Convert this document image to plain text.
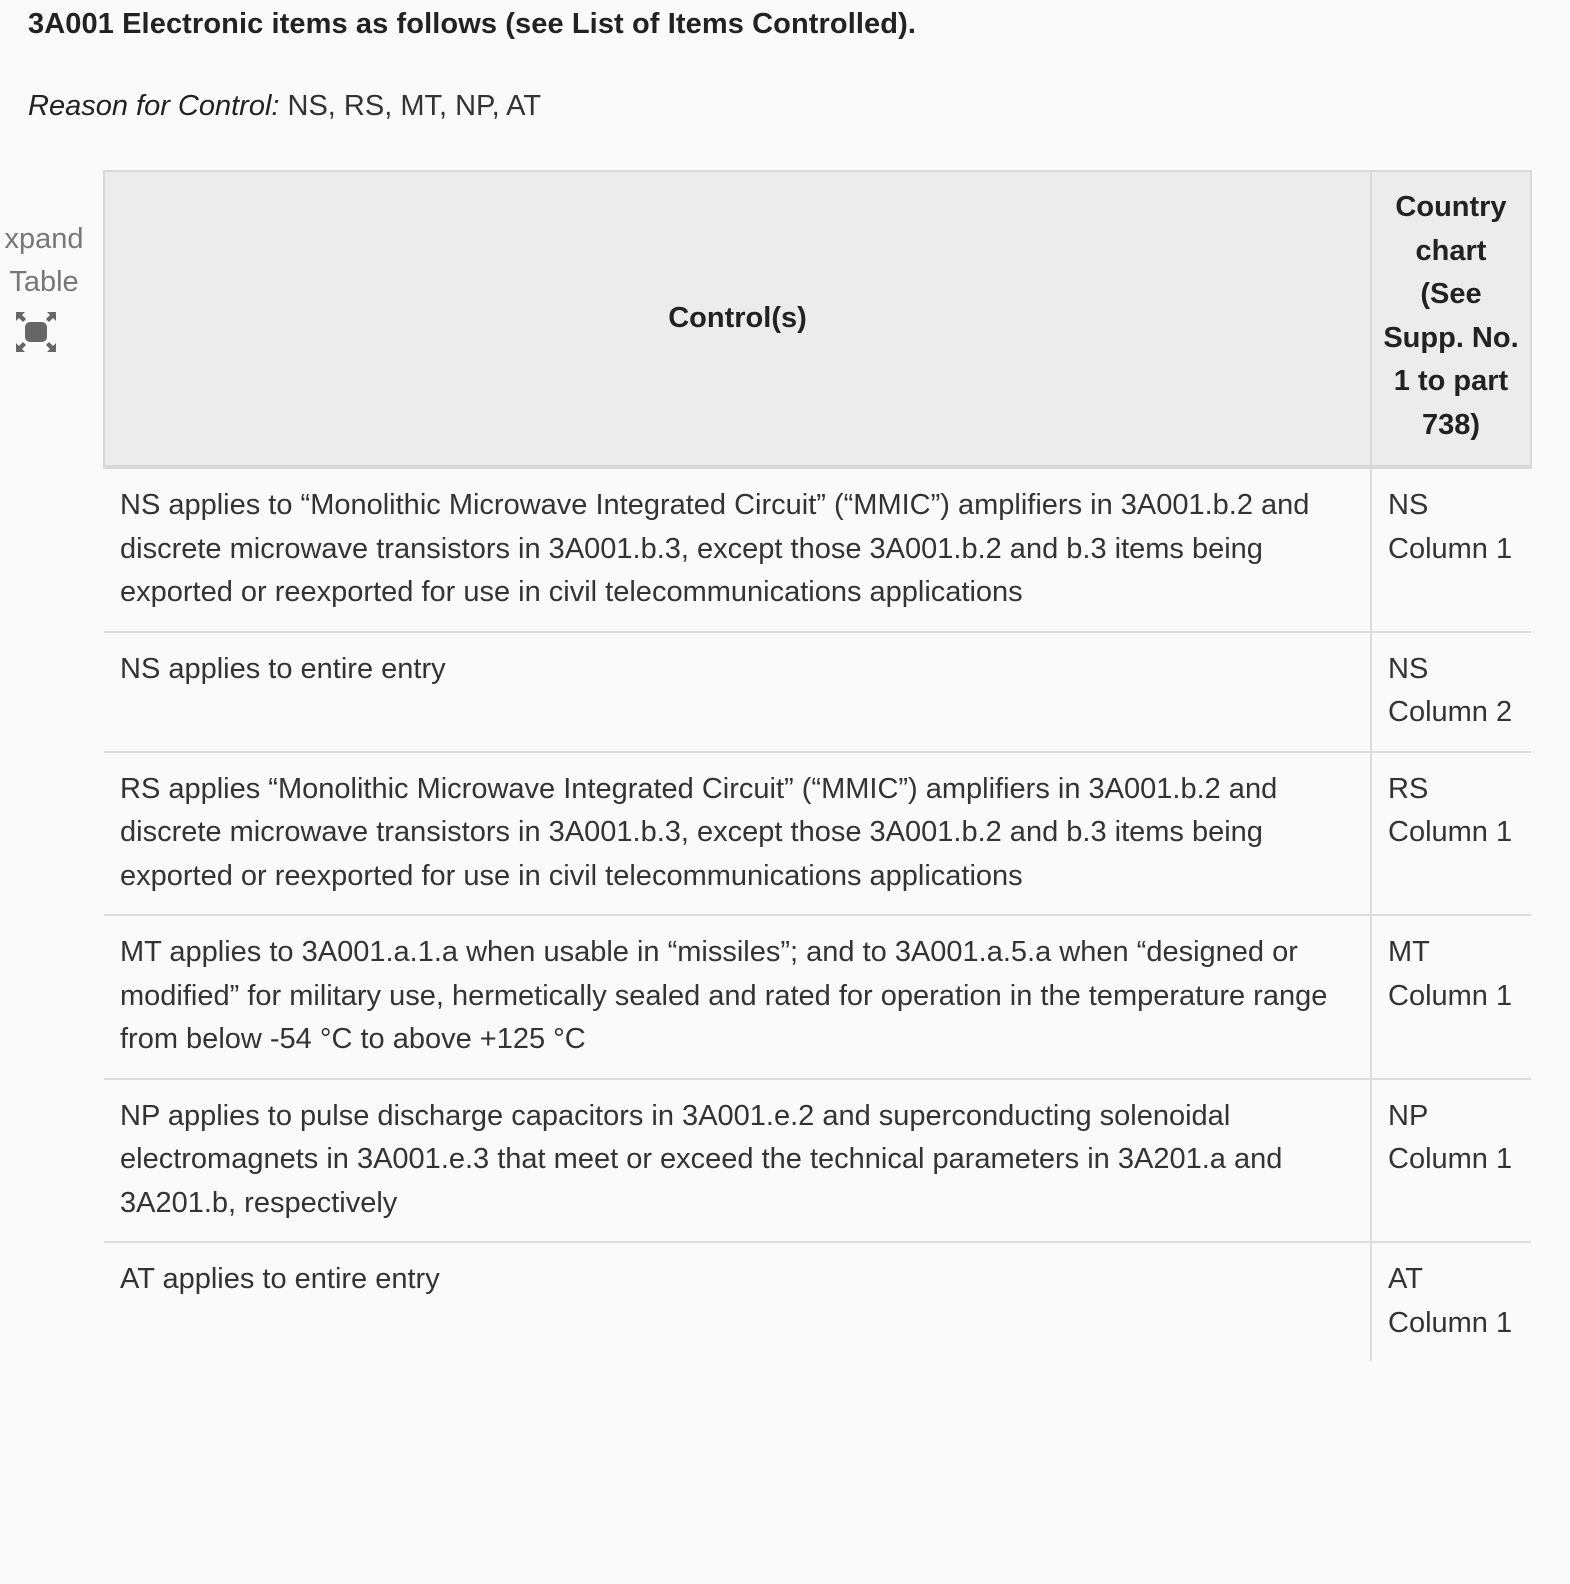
3A001 Electronic items as follows (see List of Items Controlled).
Reason for Control: NS, RS, MT, NP, AT
xpand
Table
Control(s)	Country chart (See Supp. No. 1 to part 738)
NS applies to “Monolithic Microwave Integrated Circuit” (“MMIC”) amplifiers in 3A001.b.2 and discrete microwave transistors in 3A001.b.3, except those 3A001.b.2 and b.3 items being exported or reexported for use in civil telecommunications applications	NS Column 1
NS applies to entire entry	NS Column 2
RS applies “Monolithic Microwave Integrated Circuit” (“MMIC”) amplifiers in 3A001.b.2 and discrete microwave transistors in 3A001.b.3, except those 3A001.b.2 and b.3 items being exported or reexported for use in civil telecommunications applications	RS Column 1
MT applies to 3A001.a.1.a when usable in “missiles”; and to 3A001.a.5.a when “designed or modified” for military use, hermetically sealed and rated for operation in the temperature range from below -54 °C to above +125 °C	MT Column 1
NP applies to pulse discharge capacitors in 3A001.e.2 and superconducting solenoidal electromagnets in 3A001.e.3 that meet or exceed the technical parameters in 3A201.a and 3A201.b, respectively	NP Column 1
AT applies to entire entry	AT Column 1
